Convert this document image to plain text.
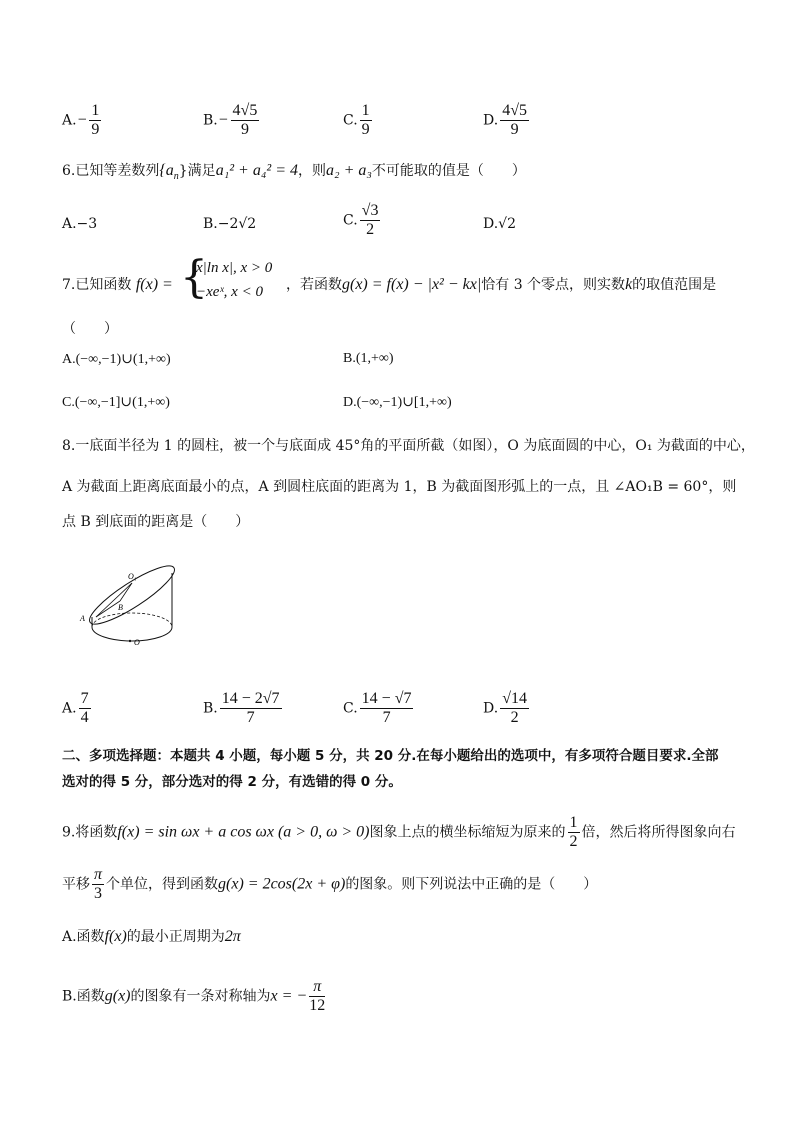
$A.- \frac{1}{9}$	$B.- \frac{4√5}{9}$	C. $\frac{1}{9}$	D. $\frac{4√5}{9}$
6.已知等差数列$\{a_n\}$满足a₁² + a₄² = 4，则a₂ + a₃不可能取的值是（　　）
A.−3	B.−2√2	C. $\frac{√3}{2}$	D.√2
7.已知函数 f(x) = {
x|ln x|, x > 0
−xeˣ, x < 0 ，若函数g(x) = f(x) − |x² − kx|恰有 3 个零点，则实数k的取值范围是
（　　）
A.(−∞,−1)∪(1,+∞)	B.(1,+∞)
C.(−∞,−1]∪(1,+∞)	D.(−∞,−1)∪[1,+∞)
8.一底面半径为 1 的圆柱，被一个与底面成 45°角的平面所截（如图），O 为底面圆的中心，O₁ 为截面的中心，
A 为截面上距离底面最小的点，A 到圆柱底面的距离为 1，B 为截面图形弧上的一点，且 ∠AO₁B = 60°，则
点 B 到底面的距离是（　　）
O₁
B
A
O
A. $\frac{7}{4}$	B. $\frac{14 - 2√7}{7}$	C. $\frac{14 - √7}{7}$	D. $\frac{√14}{2}$
二、多项选择题：本题共 4 小题，每小题 5 分，共 20 分.在每小题给出的选项中，有多项符合题目要求.全部
选对的得 5 分，部分选对的得 2 分，有选错的得 0 分。
9.将函数f(x) = sin ωx + a cos ωx (a > 0, ω > 0)图象上点的横坐标缩短为原来的 $\frac{1}{2}$ 倍，然后将所得图象向右
平移 $\frac{\pi}{3}$ 个单位，得到函数g(x) = 2cos(2x + φ)的图象。则下列说法中正确的是（　　）
A.函数f(x)的最小正周期为2π
B.函数g(x)的图象有一条对称轴为x = − $\frac{\pi}{12}$
